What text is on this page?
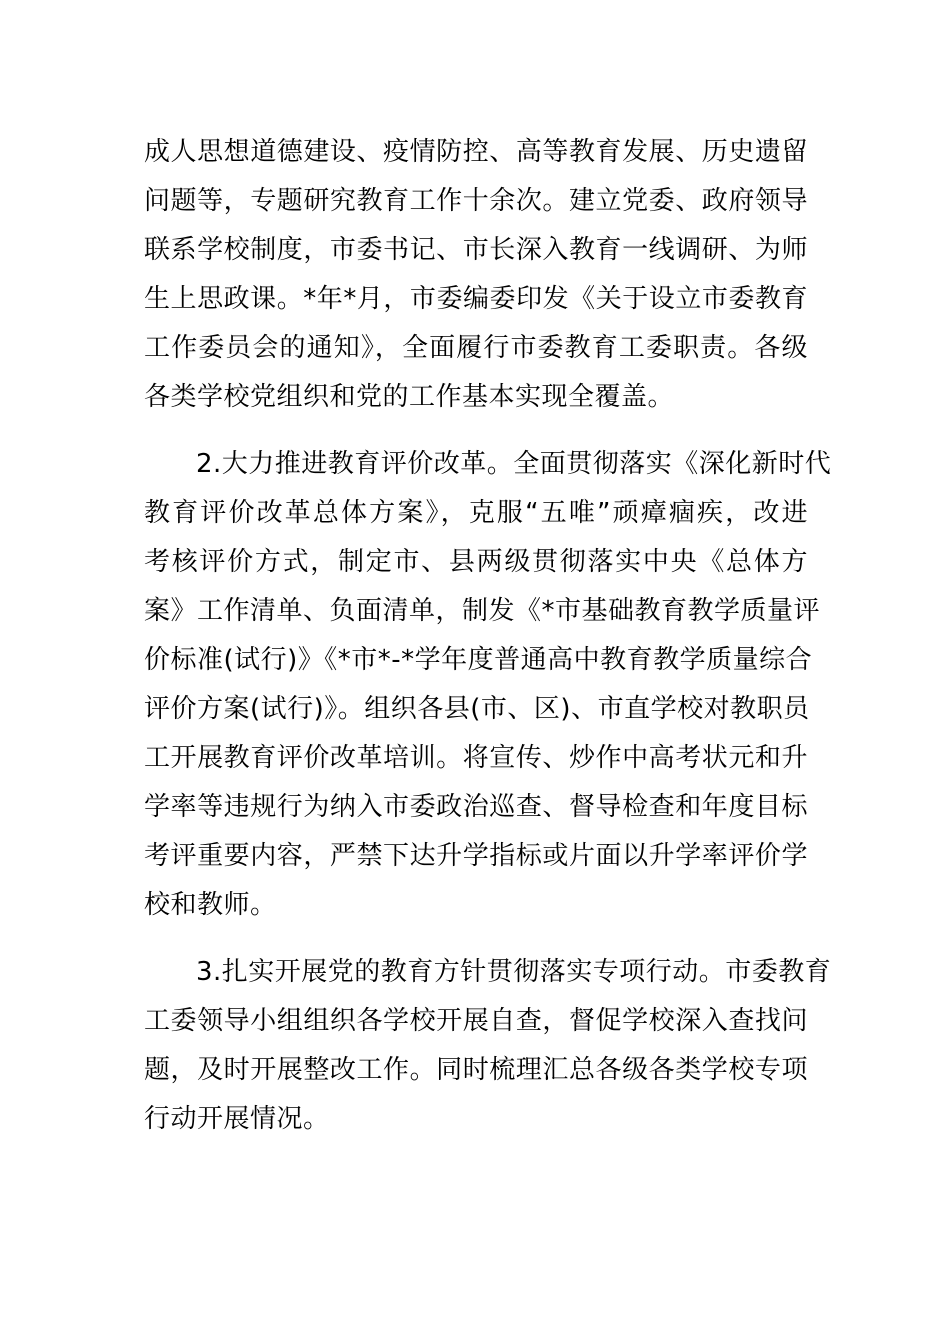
成人思想道德建设、疫情防控、高等教育发展、历史遗留
问题等，专题研究教育工作十余次。建立党委、政府领导
联系学校制度，市委书记、市长深入教育一线调研、为师
生上思政课。*年*月，市委编委印发《关于设立市委教育
工作委员会的通知》，全面履行市委教育工委职责。各级
各类学校党组织和党的工作基本实现全覆盖。
2.大力推进教育评价改革。全面贯彻落实《深化新时代
教育评价改革总体方案》，克服“五唯”顽瘴痼疾，改进
考核评价方式，制定市、县两级贯彻落实中央《总体方
案》工作清单、负面清单，制发《*市基础教育教学质量评
价标准(试行)》《*市*-*学年度普通高中教育教学质量综合
评价方案(试行)》。组织各县(市、区)、市直学校对教职员
工开展教育评价改革培训。将宣传、炒作中高考状元和升
学率等违规行为纳入市委政治巡查、督导检查和年度目标
考评重要内容，严禁下达升学指标或片面以升学率评价学
校和教师。
3.扎实开展党的教育方针贯彻落实专项行动。市委教育
工委领导小组组织各学校开展自查，督促学校深入查找问
题，及时开展整改工作。同时梳理汇总各级各类学校专项
行动开展情况。
